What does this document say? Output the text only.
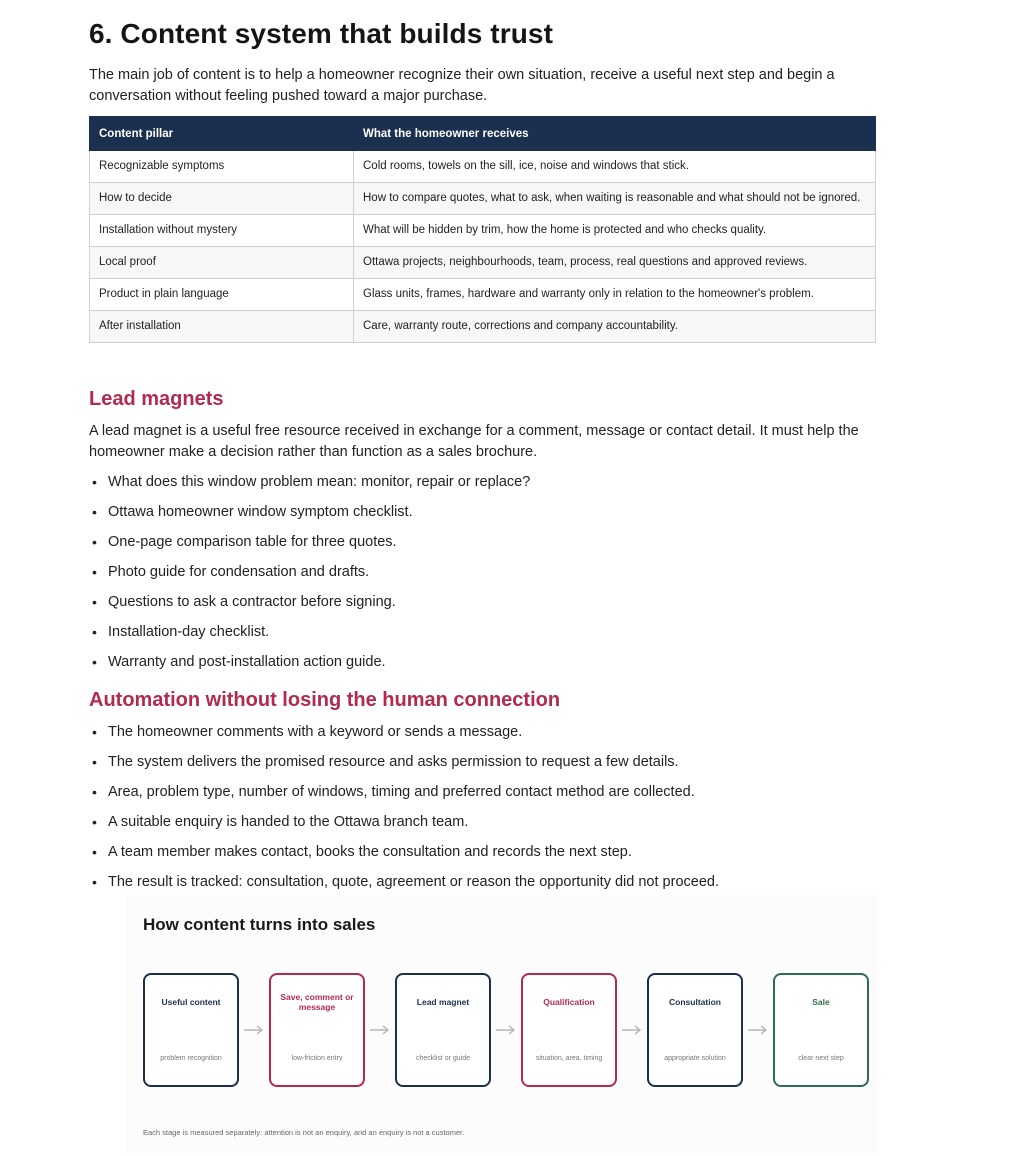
6. Content system that builds trust

The main job of content is to help a homeowner recognize their own situation, receive a useful next step and begin a conversation without feeling pushed toward a major purchase.

Content pillar	What the homeowner receives
Recognizable symptoms	Cold rooms, towels on the sill, ice, noise and windows that stick.
How to decide	How to compare quotes, what to ask, when waiting is reasonable and what should not be ignored.
Installation without mystery	What will be hidden by trim, how the home is protected and who checks quality.
Local proof	Ottawa projects, neighbourhoods, team, process, real questions and approved reviews.
Product in plain language	Glass units, frames, hardware and warranty only in relation to the homeowner's problem.
After installation	Care, warranty route, corrections and company accountability.
Lead magnets

A lead magnet is a useful free resource received in exchange for a comment, message or contact detail. It must help the homeowner make a decision rather than function as a sales brochure.

• What does this window problem mean: monitor, repair or replace?
• Ottawa homeowner window symptom checklist.
• One-page comparison table for three quotes.
• Photo guide for condensation and drafts.
• Questions to ask a contractor before signing.
• Installation-day checklist.
• Warranty and post-installation action guide.
Automation without losing the human connection
• The homeowner comments with a keyword or sends a message.
• The system delivers the promised resource and asks permission to request a few details.
• Area, problem type, number of windows, timing and preferred contact method are collected.
• A suitable enquiry is handed to the Ottawa branch team.
• A team member makes contact, books the consultation and records the next step.
• The result is tracked: consultation, quote, agreement or reason the opportunity did not proceed.
How content turns into sales
Useful content
problem recognition
Save, comment or message
low-friction entry
Lead magnet
checklist or guide
Qualification
situation, area, timing
Consultation
appropriate solution
Sale
clear next step
Each stage is measured separately: attention is not an enquiry, and an enquiry is not a customer.
